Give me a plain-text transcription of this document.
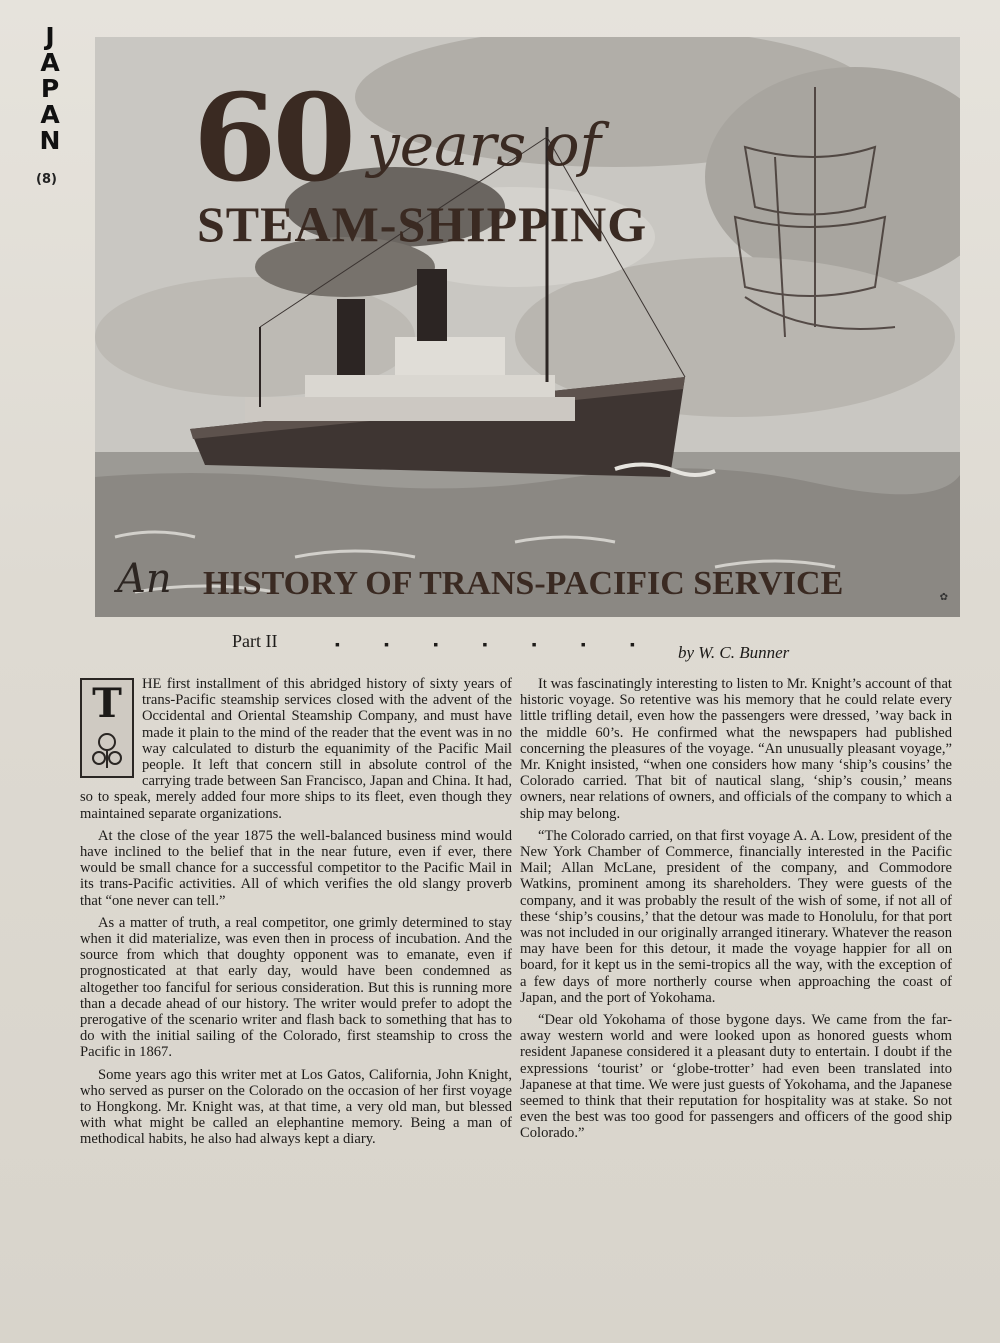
J
A
P
A
N
(8) 60 years of
STEAM-SHIPPING
An HISTORY OF TRANS-PACIFIC SERVICE	✿
Part II	▪	▪	▪	▪	▪	▪	▪	by W. C. Bunner

T HE first installment of this abridged history of sixty years of trans-Pacific steamship services closed with the advent of the Occidental and Oriental Steamship Company, and must have made it plain to the mind of the reader that the event was in no way calculated to disturb the equanimity of the Pacific Mail people. It left that concern still in absolute control of the carrying trade between San Francisco, Japan and China. It had, so to speak, merely added four more ships to its fleet, even though they maintained separate organizations.

At the close of the year 1875 the well-balanced business mind would have inclined to the belief that in the near future, even if ever, there would be small chance for a successful competitor to the Pacific Mail in its trans-Pacific activities. All of which verifies the old slangy proverb that “one never can tell.”

As a matter of truth, a real competitor, one grimly determined to stay when it did materialize, was even then in process of incubation. And the source from which that doughty opponent was to emanate, even if prognosticated at that early day, would have been condemned as altogether too fanciful for serious consideration. But this is running more than a decade ahead of our history. The writer would prefer to adopt the prerogative of the scenario writer and flash back to something that has to do with the initial sailing of the Colorado, first steamship to cross the Pacific in 1867.

Some years ago this writer met at Los Gatos, California, John Knight, who served as purser on the Colorado on the occasion of her first voyage to Hongkong. Mr. Knight was, at that time, a very old man, but blessed with what might be called an elephantine memory. Being a man of methodical habits, he also had always kept a diary.

It was fascinatingly interesting to listen to Mr. Knight’s account of that historic voyage. So retentive was his memory that he could relate every little trifling detail, even how the passengers were dressed, ’way back in the middle 60’s. He confirmed what the newspapers had published concerning the pleasures of the voyage. “An unusually pleasant voyage,” Mr. Knight insisted, “when one considers how many ‘ship’s cousins’ the Colorado carried. That bit of nautical slang, ‘ship’s cousin,’ means owners, near relations of owners, and officials of the company to which a ship may belong.

“The Colorado carried, on that first voyage A. A. Low, president of the New York Chamber of Commerce, financially interested in the Pacific Mail; Allan McLane, president of the company, and Commodore Watkins, prominent among its shareholders. They were guests of the company, and it was probably the result of the wish of some, if not all of these ‘ship’s cousins,’ that the detour was made to Honolulu, for that port was not included in our originally arranged itinerary. Whatever the reason may have been for this detour, it made the voyage happier for all on board, for it kept us in the semi-tropics all the way, with the exception of a few days of more northerly course when approaching the coast of Japan, and the port of Yokohama.

“Dear old Yokohama of those bygone days. We came from the far-away western world and were looked upon as honored guests whom resident Japanese considered it a pleasant duty to entertain. I doubt if the expressions ‘tourist’ or ‘globe-trotter’ had even been translated into Japanese at that time. We were just guests of Yokohama, and the Japanese seemed to think that their reputation for hospitality was at stake. So not even the best was too good for passengers and officers of the good ship Colorado.”
